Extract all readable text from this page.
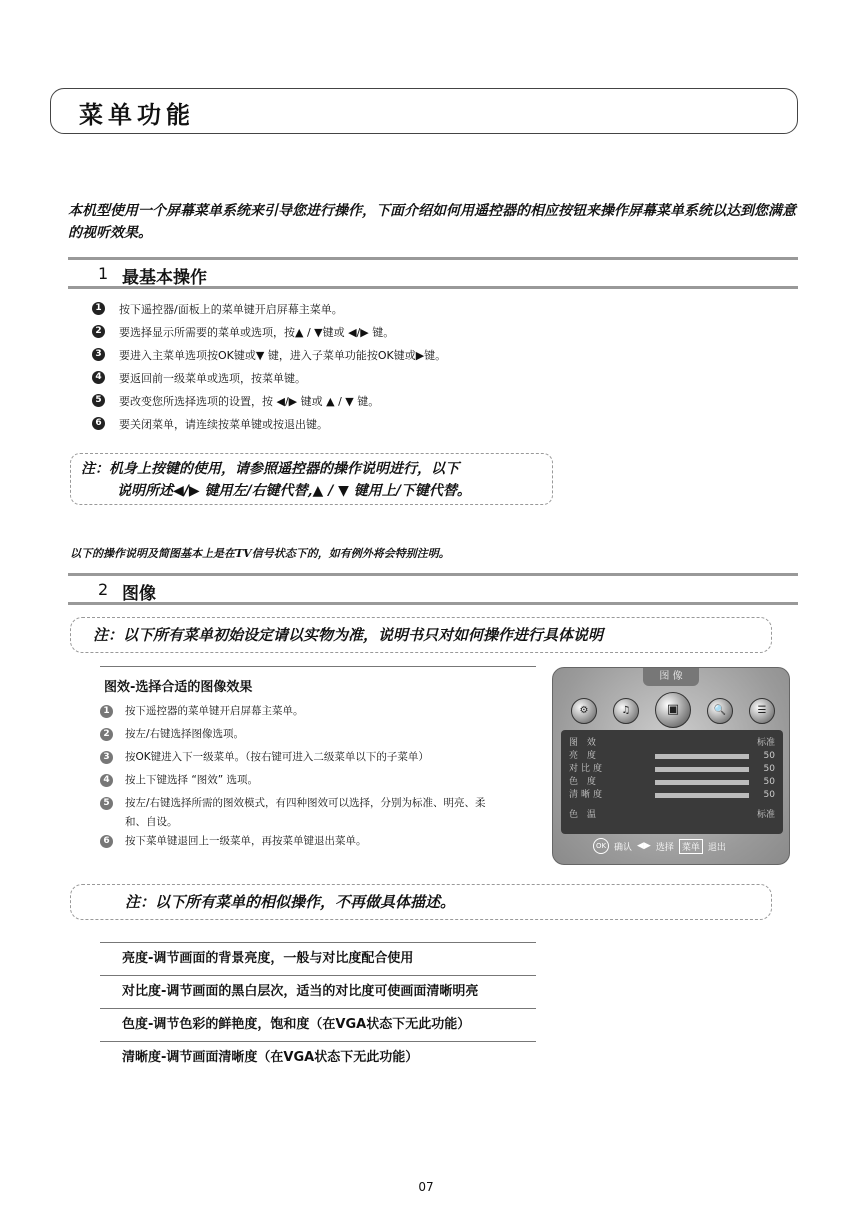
菜单功能
本机型使用一个屏幕菜单系统来引导您进行操作，下面介绍如何用遥控器的相应按钮来操作屏幕菜单系统以达到您满意的视听效果。
1 最基本操作
1	按下遥控器/面板上的菜单键开启屏幕主菜单。
2	要选择显示所需要的菜单或选项，按▲ / ▼键或 ◀/▶ 键。
3	要进入主菜单选项按OK键或▼ 键，进入子菜单功能按OK键或▶键。
4	要返回前一级菜单或选项，按菜单键。
5	要改变您所选择选项的设置，按 ◀/▶ 键或 ▲ / ▼ 键。
6	要关闭菜单，请连续按菜单键或按退出键。
注：机身上按键的使用，请参照遥控器的操作说明进行，以下
说明所述◀/▶ 键用左/右键代替,▲ / ▼ 键用上/下键代替。
以下的操作说明及简图基本上是在TV信号状态下的，如有例外将会特别注明。
2 图像
注：以下所有菜单初始设定请以实物为准，说明书只对如何操作进行具体说明
图效-选择合适的图像效果
1	按下遥控器的菜单键开启屏幕主菜单。
2	按左/右键选择图像选项。
3	按OK键进入下一级菜单。（按右键可进入二级菜单以下的子菜单）
4	按上下键选择 “图效” 选项。
5	按左/右键选择所需的图效模式，有四种图效可以选择，分别为标准、明亮、柔和、自设。
6	按下菜单键退回上一级菜单，再按菜单键退出菜单。
图 像
⚙	♫	▣	🔍	☰
图 效	标准
亮 度	50
对比度	50
色 度	50
清晰度	50
色 温	标准
OK 确认 ◀▶ 选择 菜单 退出
注：以下所有菜单的相似操作，不再做具体描述。
亮度-调节画面的背景亮度，一般与对比度配合使用
对比度-调节画面的黑白层次，适当的对比度可使画面清晰明亮
色度-调节色彩的鲜艳度，饱和度（在VGA状态下无此功能）
清晰度-调节画面清晰度（在VGA状态下无此功能）
07
